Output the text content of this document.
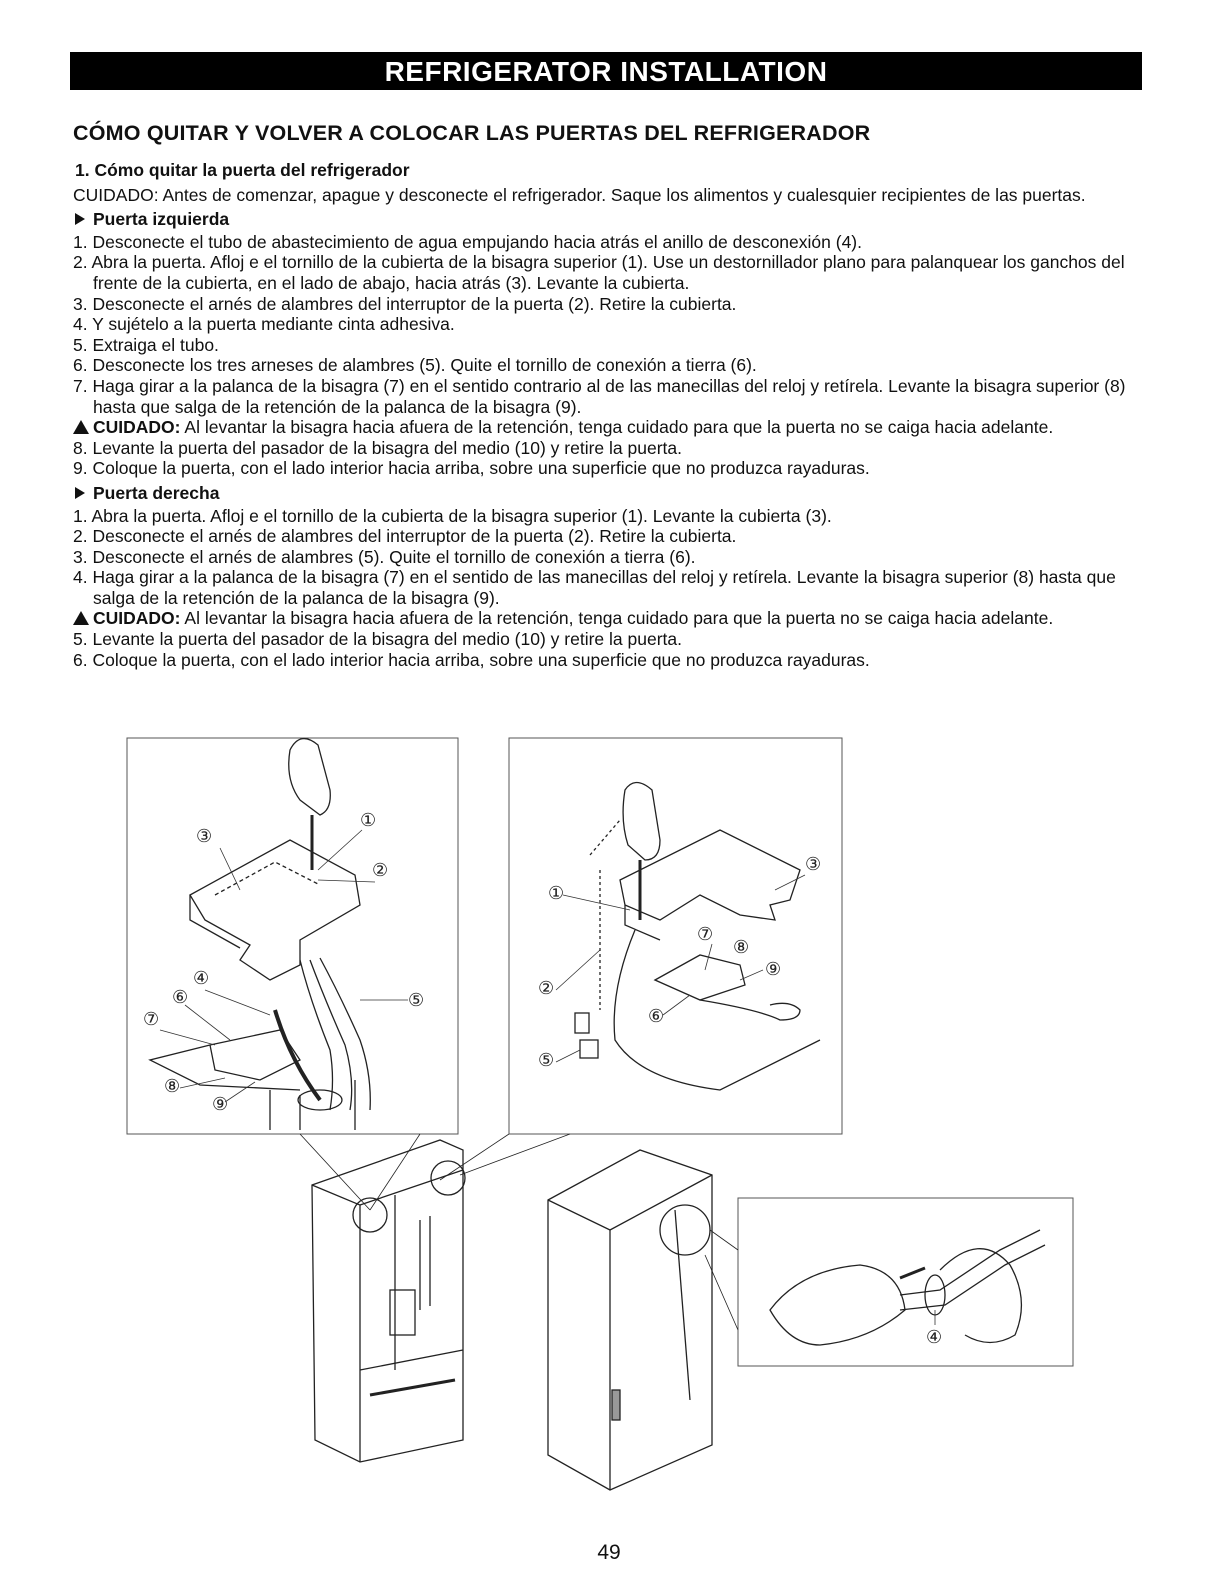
REFRIGERATOR INSTALLATION
CÓMO QUITAR Y VOLVER A COLOCAR LAS PUERTAS DEL REFRIGERADOR
1. Cómo quitar la puerta del refrigerador
CUIDADO: Antes de comenzar, apague y desconecte el refrigerador. Saque los alimentos y cualesquier recipientes de las puertas.
Puerta izquierda
1. Desconecte el tubo de abastecimiento de agua empujando hacia atrás el anillo de desconexión (4).
2. Abra la puerta. Afloj e el tornillo de la cubierta de la bisagra superior (1). Use un destornillador plano para palanquear los ganchos del frente de la cubierta, en el lado de abajo, hacia atrás (3). Levante la cubierta.
3. Desconecte el arnés de alambres del interruptor de la puerta (2). Retire la cubierta.
4. Y sujételo a la puerta mediante cinta adhesiva.
5. Extraiga el tubo.
6. Desconecte los tres arneses de alambres (5). Quite el tornillo de conexión a tierra (6).
7. Haga girar a la palanca de la bisagra (7) en el sentido contrario al de las manecillas del reloj y retírela. Levante la bisagra superior (8) hasta que salga de la retención de la palanca de la bisagra (9).
CUIDADO: Al levantar la bisagra hacia afuera de la retención, tenga cuidado para que la puerta no se caiga hacia adelante.
8. Levante la puerta del pasador de la bisagra del medio (10) y retire la puerta.
9. Coloque la puerta, con el lado interior hacia arriba, sobre una superficie que no produzca rayaduras.
Puerta derecha
1. Abra la puerta. Afloj e el tornillo de la cubierta de la bisagra superior (1). Levante la cubierta (3).
2. Desconecte el arnés de alambres del interruptor de la puerta (2). Retire la cubierta.
3. Desconecte el arnés de alambres (5). Quite el tornillo de conexión a tierra (6).
4. Haga girar a la palanca de la bisagra (7) en el sentido de las manecillas del reloj y retírela. Levante la bisagra superior (8) hasta que salga de la retención de la palanca de la bisagra (9).
CUIDADO: Al levantar la bisagra hacia afuera de la retención, tenga cuidado para que la puerta no se caiga hacia adelante.
5. Levante la puerta del pasador de la bisagra del medio (10) y retire la puerta.
6. Coloque la puerta, con el lado interior hacia arriba, sobre una superficie que no produzca rayaduras.
③
①
②
④
⑥	⑤
⑦
⑧
⑨
③
①
⑦
⑧
⑨
②
⑥
⑤
④
49
